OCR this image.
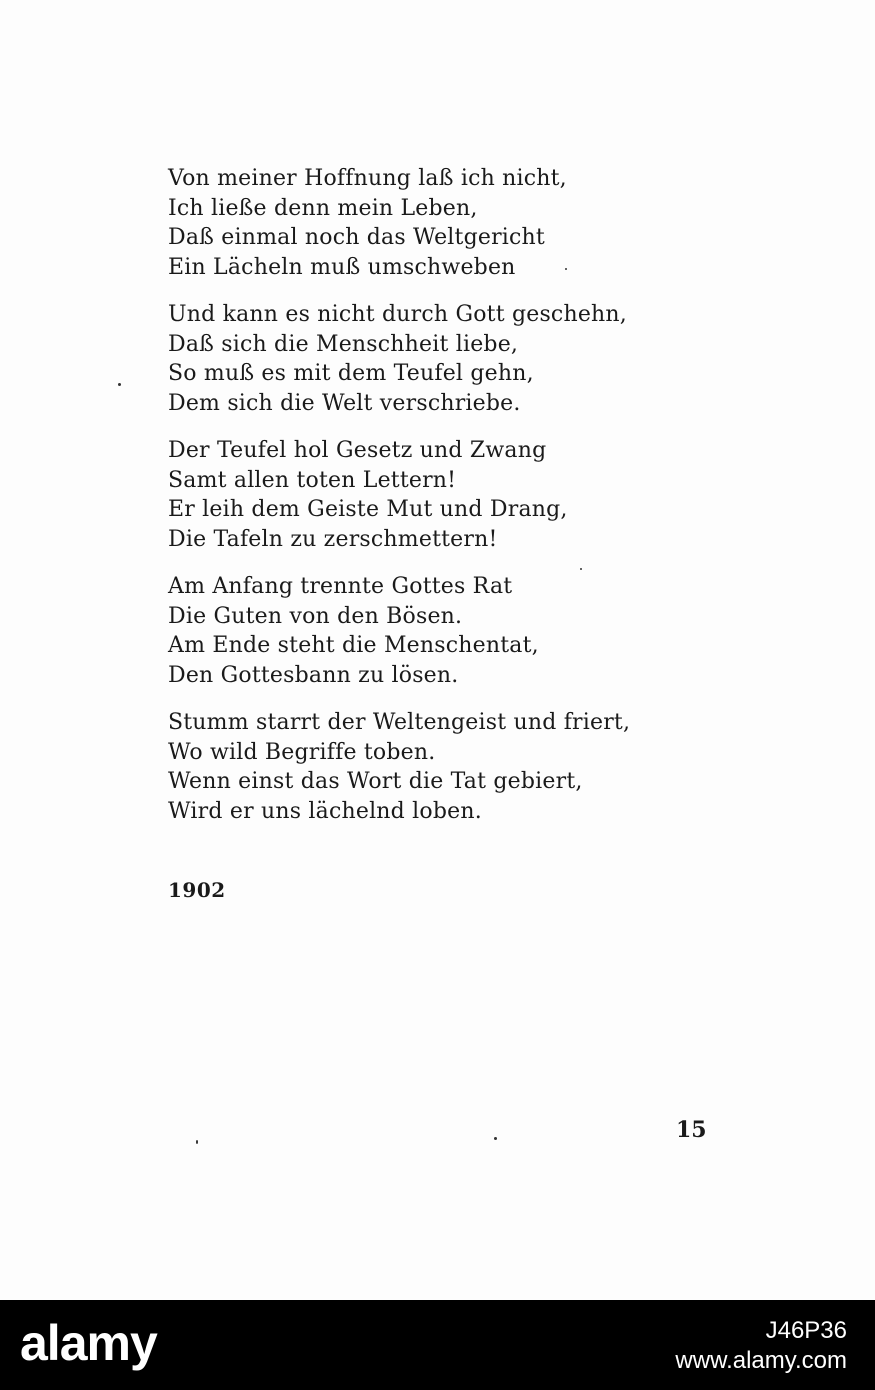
Von meiner Hoffnung laß ich nicht,
Ich ließe denn mein Leben,
Daß einmal noch das Weltgericht
Ein Lächeln muß umschweben
Und kann es nicht durch Gott geschehn,
Daß sich die Menschheit liebe,
So muß es mit dem Teufel gehn,
Dem sich die Welt verschriebe.
Der Teufel hol Gesetz und Zwang
Samt allen toten Lettern!
Er leih dem Geiste Mut und Drang,
Die Tafeln zu zerschmettern!
Am Anfang trennte Gottes Rat
Die Guten von den Bösen.
Am Ende steht die Menschentat,
Den Gottesbann zu lösen.
Stumm starrt der Weltengeist und friert,
Wo wild Begriffe toben.
Wenn einst das Wort die Tat gebiert,
Wird er uns lächelnd loben.
1902
15
alamy	J46P36
www.alamy.com
